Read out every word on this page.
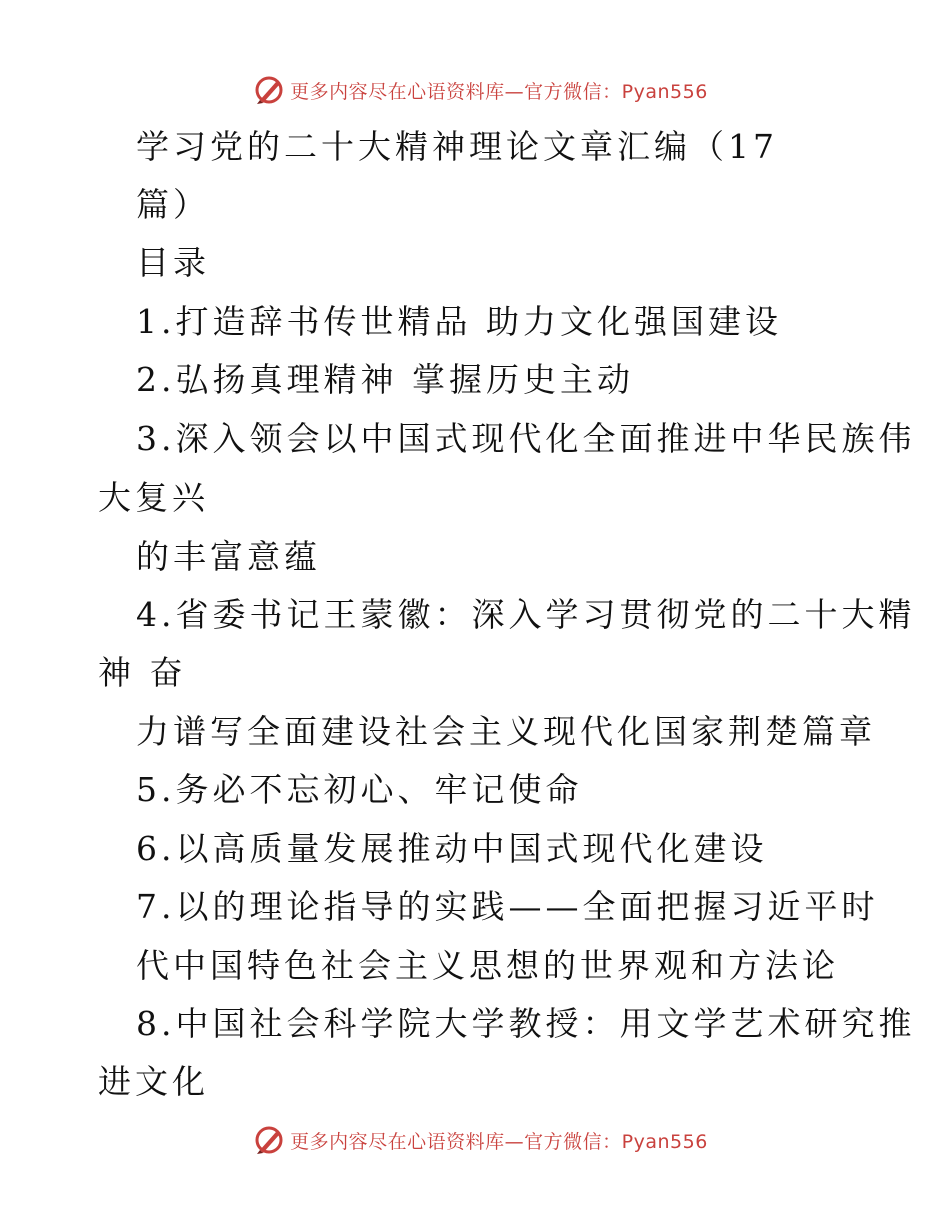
更多内容尽在心语资料库—官方微信：Pyan556
学习党的二十大精神理论文章汇编（17
篇）
目录
1.打造辞书传世精品 助力文化强国建设
2.弘扬真理精神 掌握历史主动
3.深入领会以中国式现代化全面推进中华民族伟
大复兴
的丰富意蕴
4.省委书记王蒙徽：深入学习贯彻党的二十大精
神 奋
力谱写全面建设社会主义现代化国家荆楚篇章
5.务必不忘初心、牢记使命
6.以高质量发展推动中国式现代化建设
7.以的理论指导的实践——全面把握习近平时
代中国特色社会主义思想的世界观和方法论
8.中国社会科学院大学教授：用文学艺术研究推
进文化
更多内容尽在心语资料库—官方微信：Pyan556
